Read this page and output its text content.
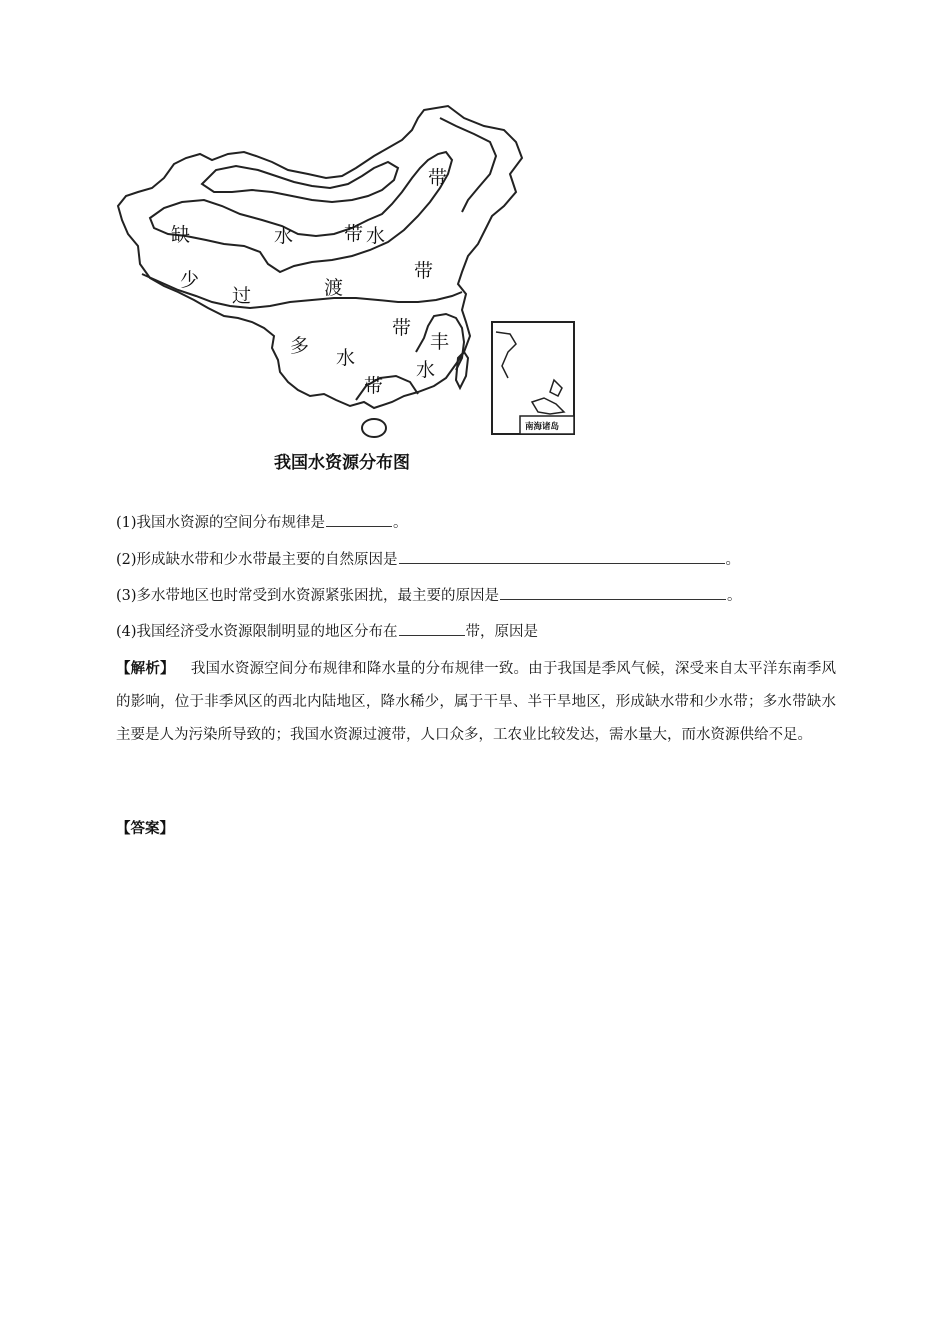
南海诸岛
带
缺	水	带 水
带
少
过	渡
带
丰
多
水
水
带
我国水资源分布图
(1)我国水资源的空间分布规律是	。
(2)形成缺水带和少水带最主要的自然原因是	。
(3)多水带地区也时常受到水资源紧张困扰，最主要的原因是	。
(4)我国经济受水资源限制明显的地区分布在	带，原因是
【解析】 我国水资源空间分布规律和降水量的分布规律一致。由于我国是季风气候，深受来自太平洋东南季风的影响，位于非季风区的西北内陆地区，降水稀少，属于干旱、半干旱地区，形成缺水带和少水带；多水带缺水主要是人为污染所导致的；我国水资源过渡带，人口众多，工农业比较发达，需水量大，而水资源供给不足。
【答案】
